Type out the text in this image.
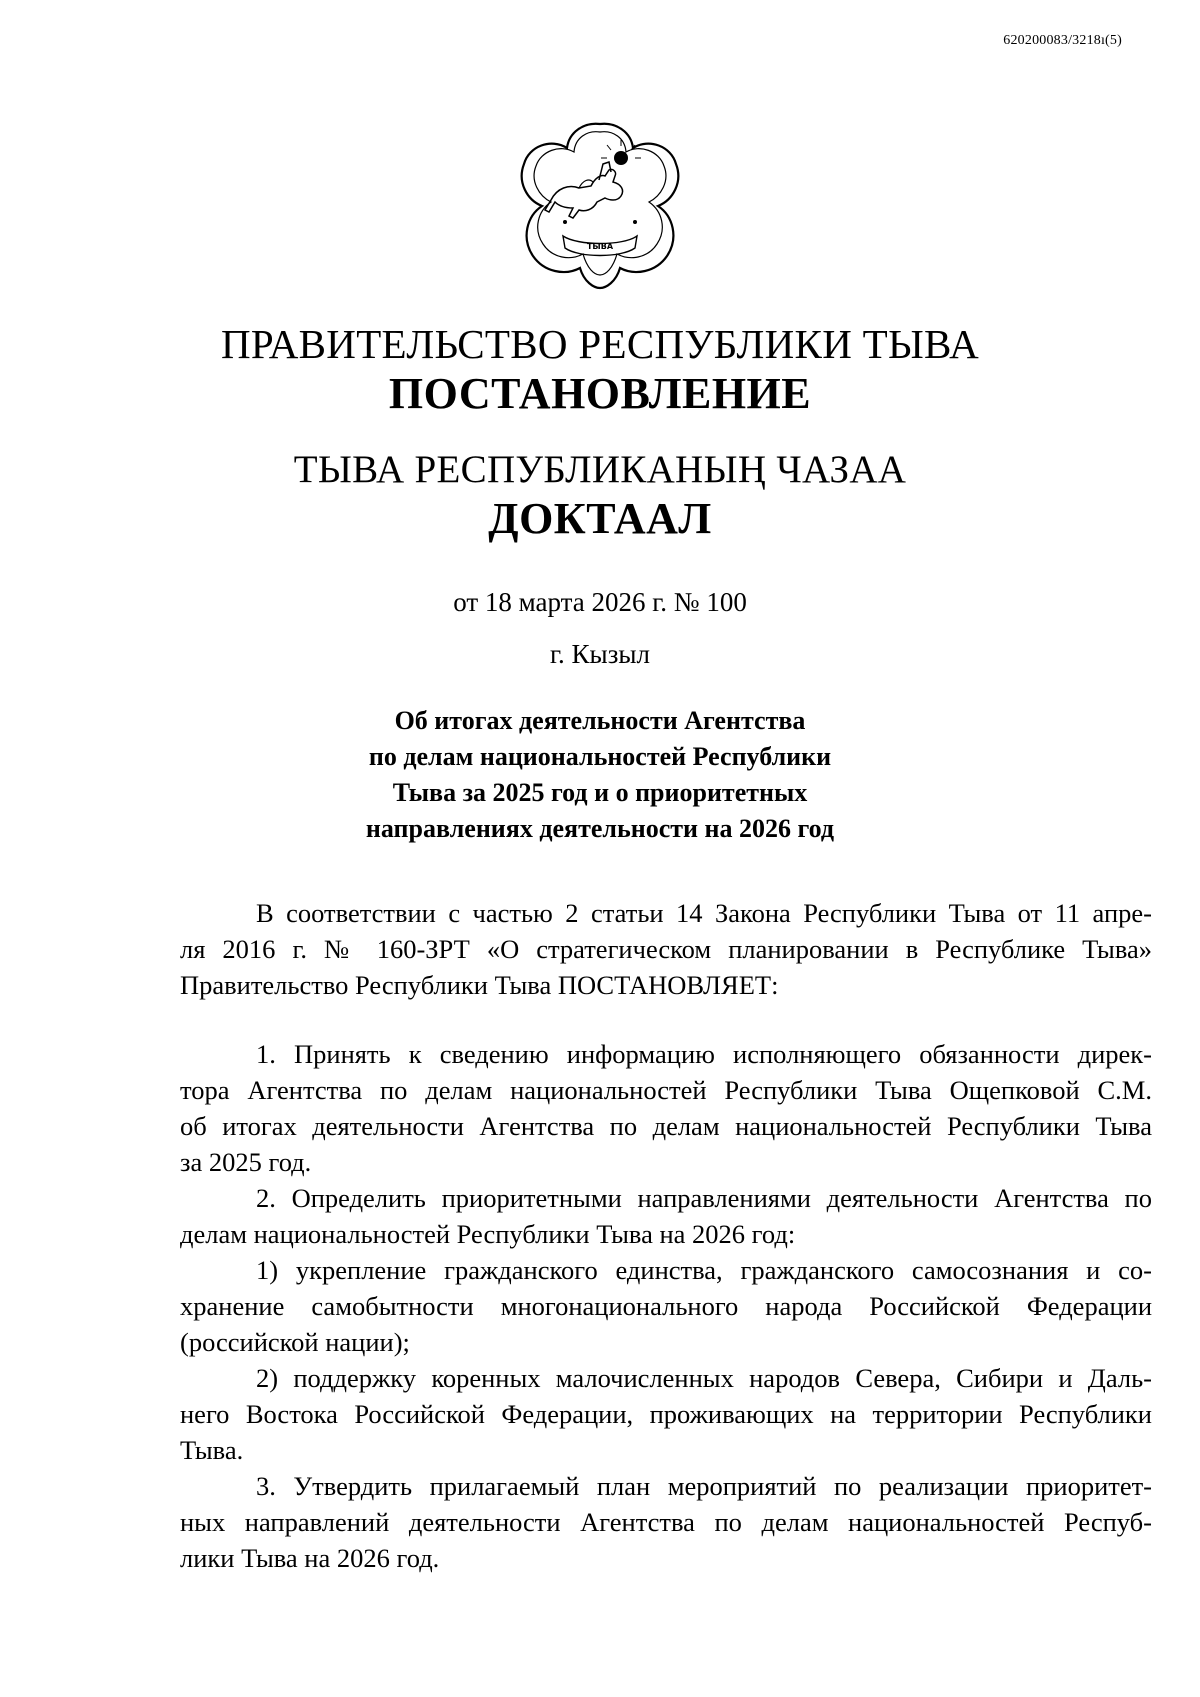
620200083/3218ı(5)
ТЫВА
ПРАВИТЕЛЬСТВО РЕСПУБЛИКИ ТЫВА
ПОСТАНОВЛЕНИЕ
ТЫВА РЕСПУБЛИКАНЫҢ ЧАЗАА
ДОКТААЛ
от 18 марта 2026 г. № 100
г. Кызыл
Об итогах деятельности Агентства
по делам национальностей Республики
Тыва за 2025 год и о приоритетных
направлениях деятельности на 2026 год
В соответствии с частью 2 статьи 14 Закона Республики Тыва от 11 апре-
ля 2016 г. № 160-ЗРТ «О стратегическом планировании в Республике Тыва»
Правительство Республики Тыва ПОСТАНОВЛЯЕТ:
1. Принять к сведению информацию исполняющего обязанности дирек-
тора Агентства по делам национальностей Республики Тыва Ощепковой С.М.
об итогах деятельности Агентства по делам национальностей Республики Тыва
за 2025 год.
2. Определить приоритетными направлениями деятельности Агентства по
делам национальностей Республики Тыва на 2026 год:
1) укрепление гражданского единства, гражданского самосознания и со-
хранение самобытности многонационального народа Российской Федерации
(российской нации);
2) поддержку коренных малочисленных народов Севера, Сибири и Даль-
него Востока Российской Федерации, проживающих на территории Республики
Тыва.
3. Утвердить прилагаемый план мероприятий по реализации приоритет-
ных направлений деятельности Агентства по делам национальностей Респуб-
лики Тыва на 2026 год.
